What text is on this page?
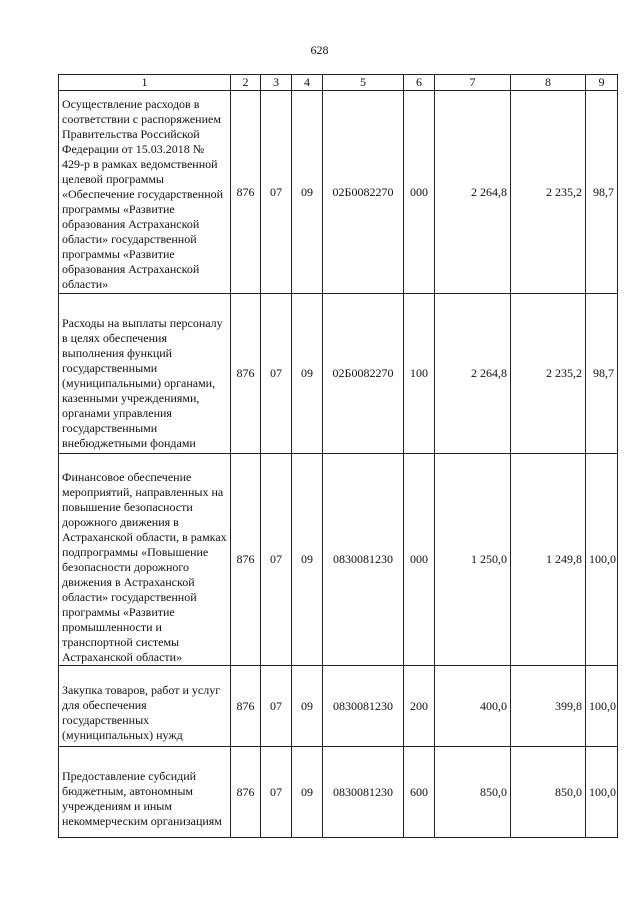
628
1	2	3	4	5	6	7	8	9
Осуществление расходов в соответствии с распоряжением Правительства Российской Федерации от 15.03.2018 № 429-р в рамках ведомственной целевой программы «Обеспечение государственной программы «Развитие образования Астраханской области» государственной программы «Развитие образования Астраханской области»	876	07	09	02Б0082270	000	2 264,8	2 235,2	98,7
Расходы на выплаты персоналу в целях обеспечения выполнения функций государственными (муниципальными) органами, казенными учреждениями, органами управления государственными внебюджетными фондами	876	07	09	02Б0082270	100	2 264,8	2 235,2	98,7
Финансовое обеспечение мероприятий, направленных на повышение безопасности дорожного движения в Астраханской области, в рамках подпрограммы «Повышение безопасности дорожного движения в Астраханской области» государственной программы «Развитие промышленности и транспортной системы Астраханской области»	876	07	09	0830081230	000	1 250,0	1 249,8	100,0
Закупка товаров, работ и услуг для обеспечения государственных (муниципальных) нужд	876	07	09	0830081230	200	400,0	399,8	100,0
Предоставление субсидий бюджетным, автономным учреждениям и иным некоммерческим организациям	876	07	09	0830081230	600	850,0	850,0	100,0
